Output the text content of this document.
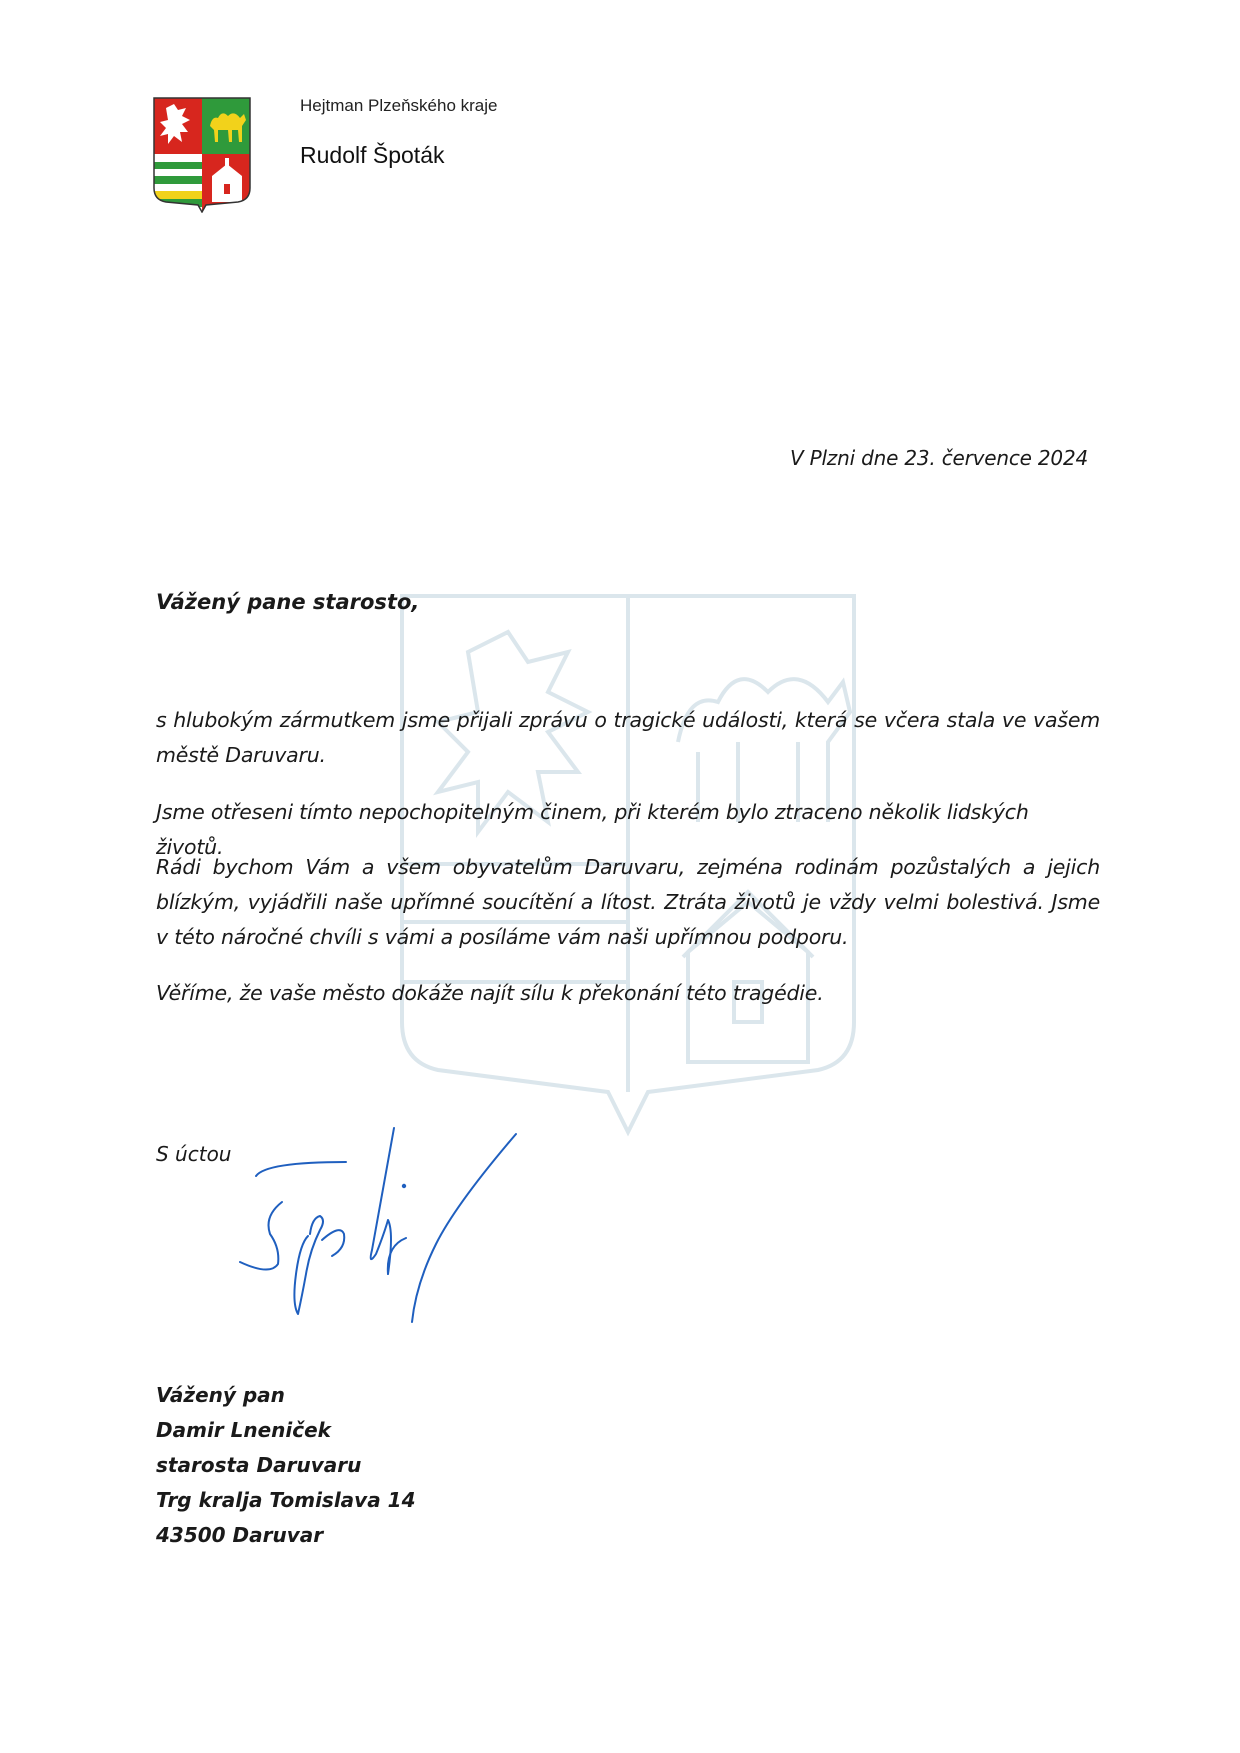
Hejtman Plzeňského kraje
Rudolf Špoták
V Plzni dne 23. července 2024
Vážený pane starosto,
s hlubokým zármutkem jsme přijali zprávu o tragické události, která se včera stala ve vašem městě Daruvaru.
Jsme otřeseni tímto nepochopitelným činem, při kterém bylo ztraceno několik lidských životů.
Rádi bychom Vám a všem obyvatelům Daruvaru, zejména rodinám pozůstalých a jejich blízkým, vyjádřili naše upřímné soucítění a lítost. Ztráta životů je vždy velmi bolestivá. Jsme v této náročné chvíli s vámi a posíláme vám naši upřímnou podporu.
Věříme, že vaše město dokáže najít sílu k překonání této tragédie.
S úctou
Vážený pan
Damir Lneniček
starosta Daruvaru
Trg kralja Tomislava 14
43500 Daruvar
